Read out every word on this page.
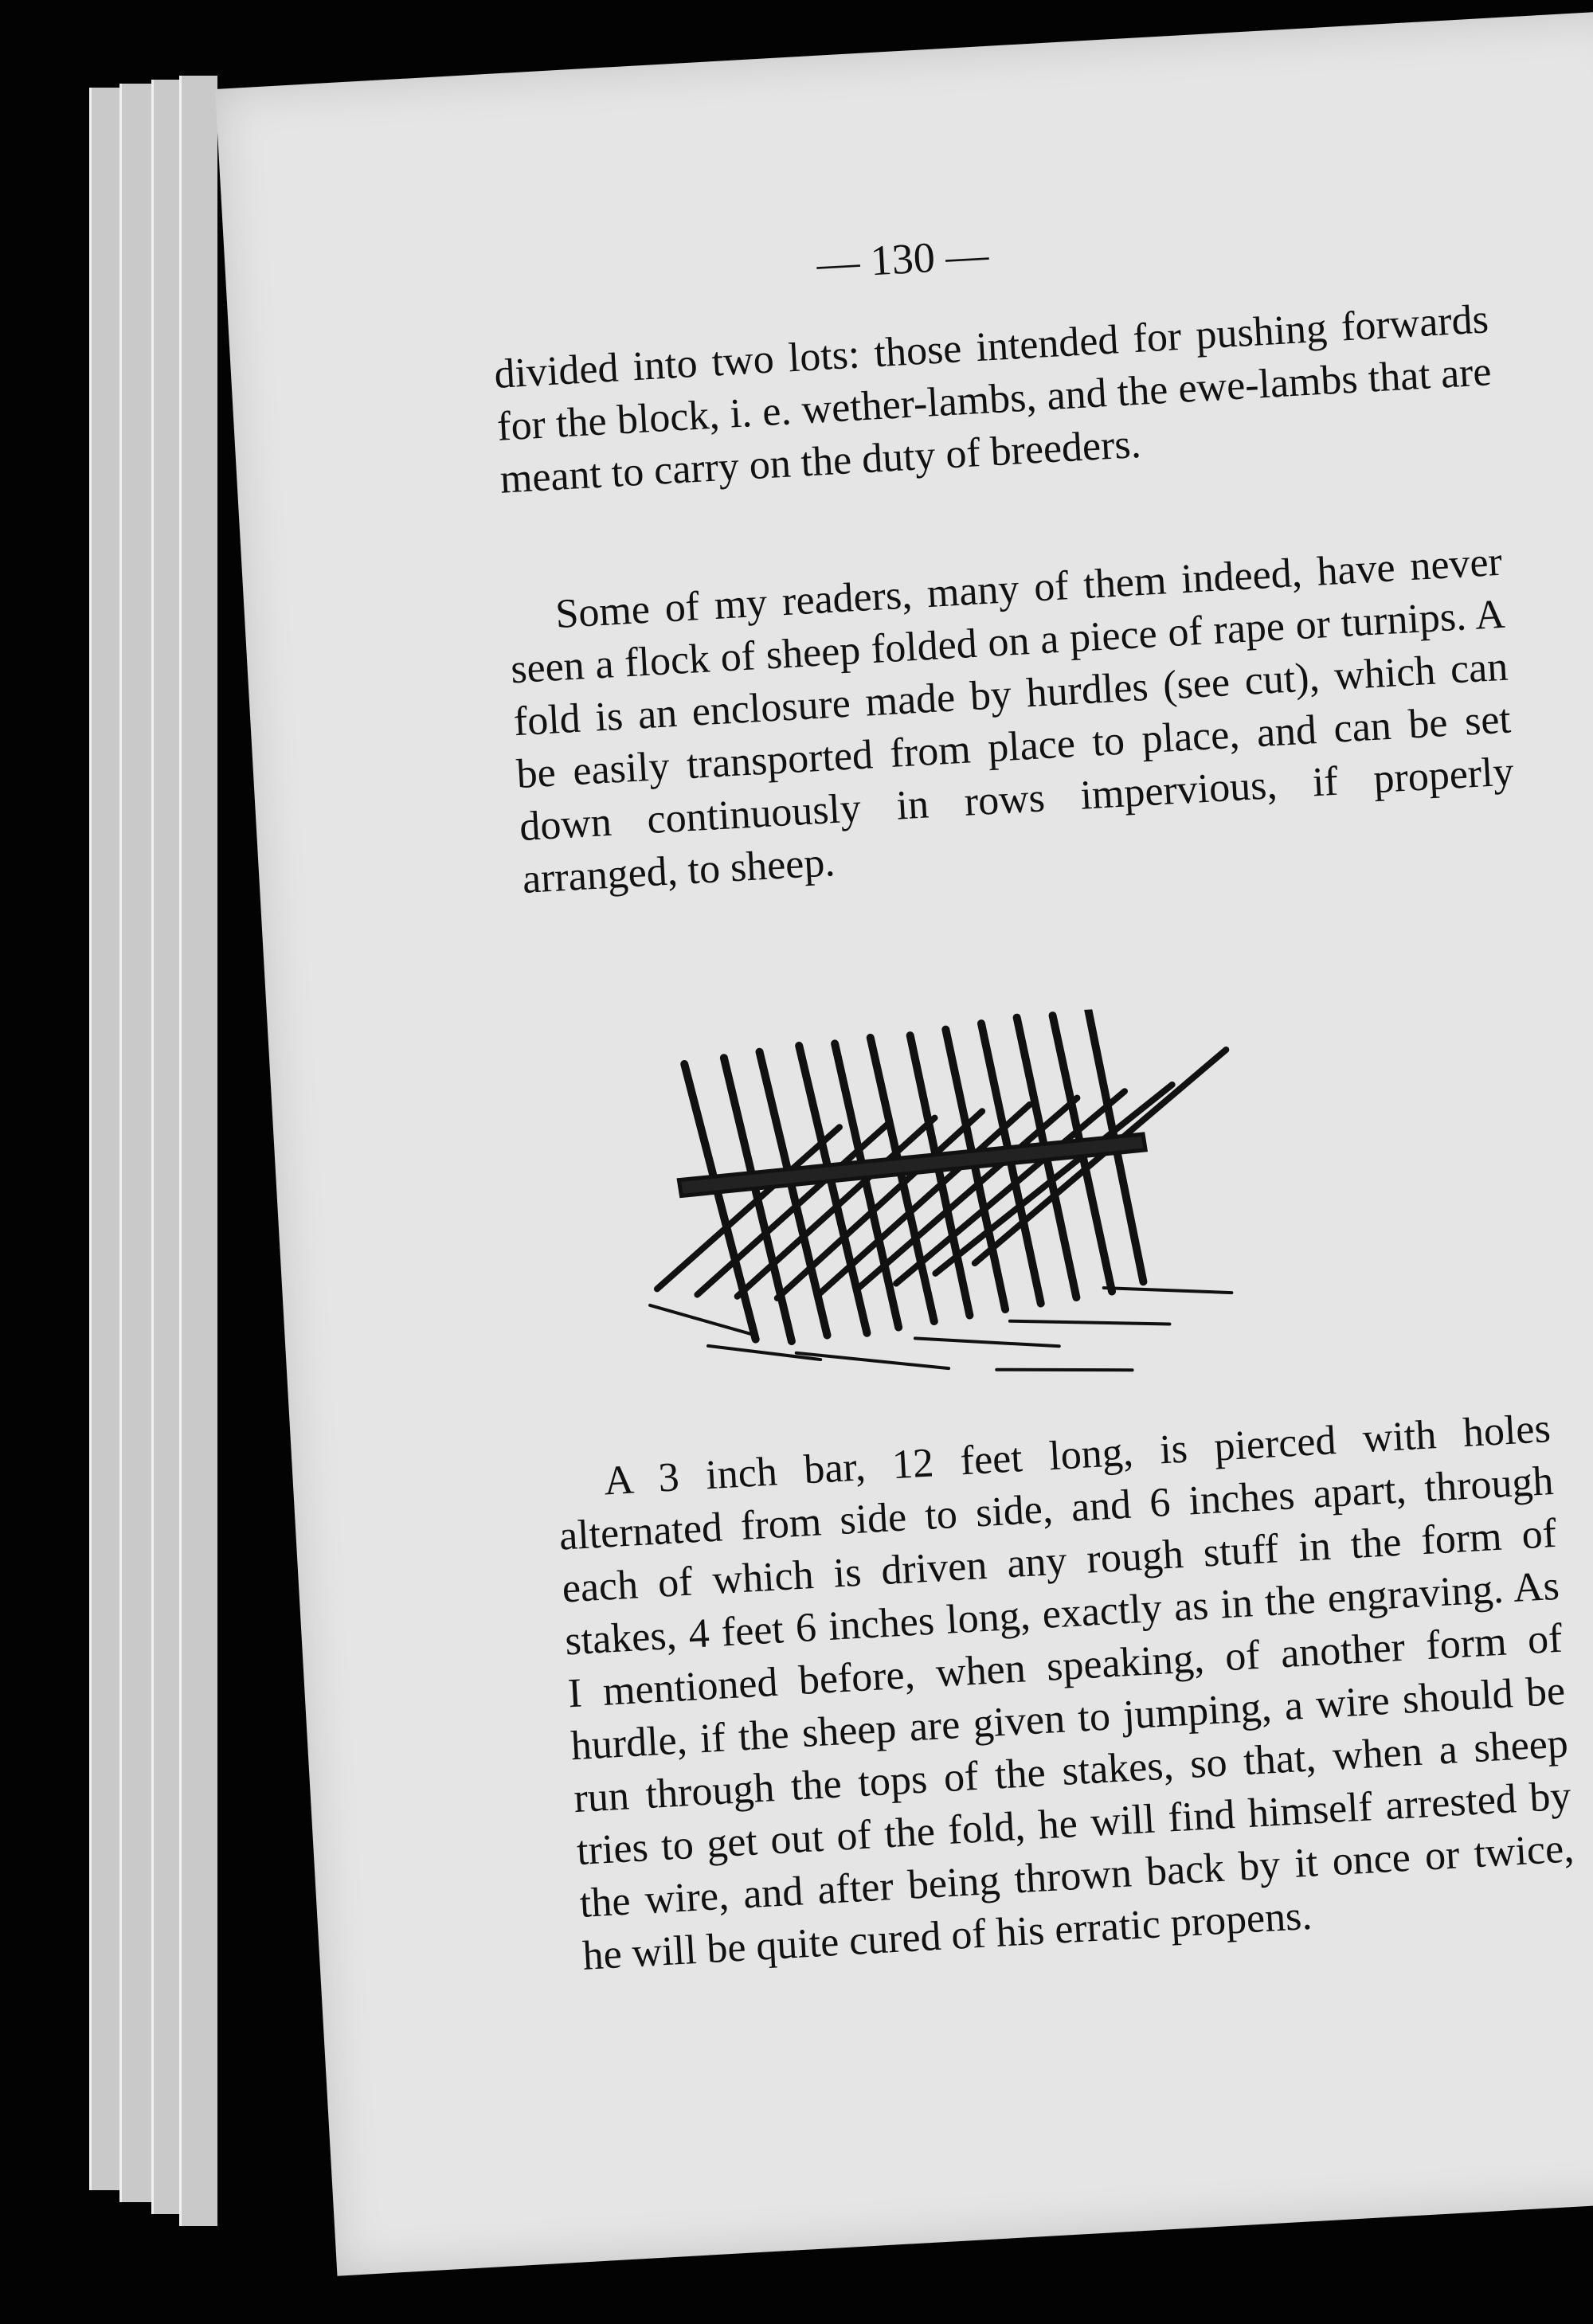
— 130 —

divided into two lots: those intended for pushing forwards for the block, i. e. wether-lambs, and the ewe-lambs that are meant to carry on the duty of breeders.

Some of my readers, many of them indeed, have never seen a flock of sheep folded on a piece of rape or turnips. A fold is an enclosure made by hurdles (see cut), which can be easily transported from place to place, and can be set down continuously in rows impervious, if properly arranged, to sheep.

A 3 inch bar, 12 feet long, is pierced with holes alternated from side to side, and 6 inches apart, through each of which is driven any rough stuff in the form of stakes, 4 feet 6 inches long, exactly as in the engraving. As I mentioned before, when speaking, of another form of hurdle, if the sheep are given to jumping, a wire should be run through the tops of the stakes, so that, when a sheep tries to get out of the fold, he will find himself arrested by the wire, and after being thrown back by it once or twice, he will be quite cured of his erratic propens.
